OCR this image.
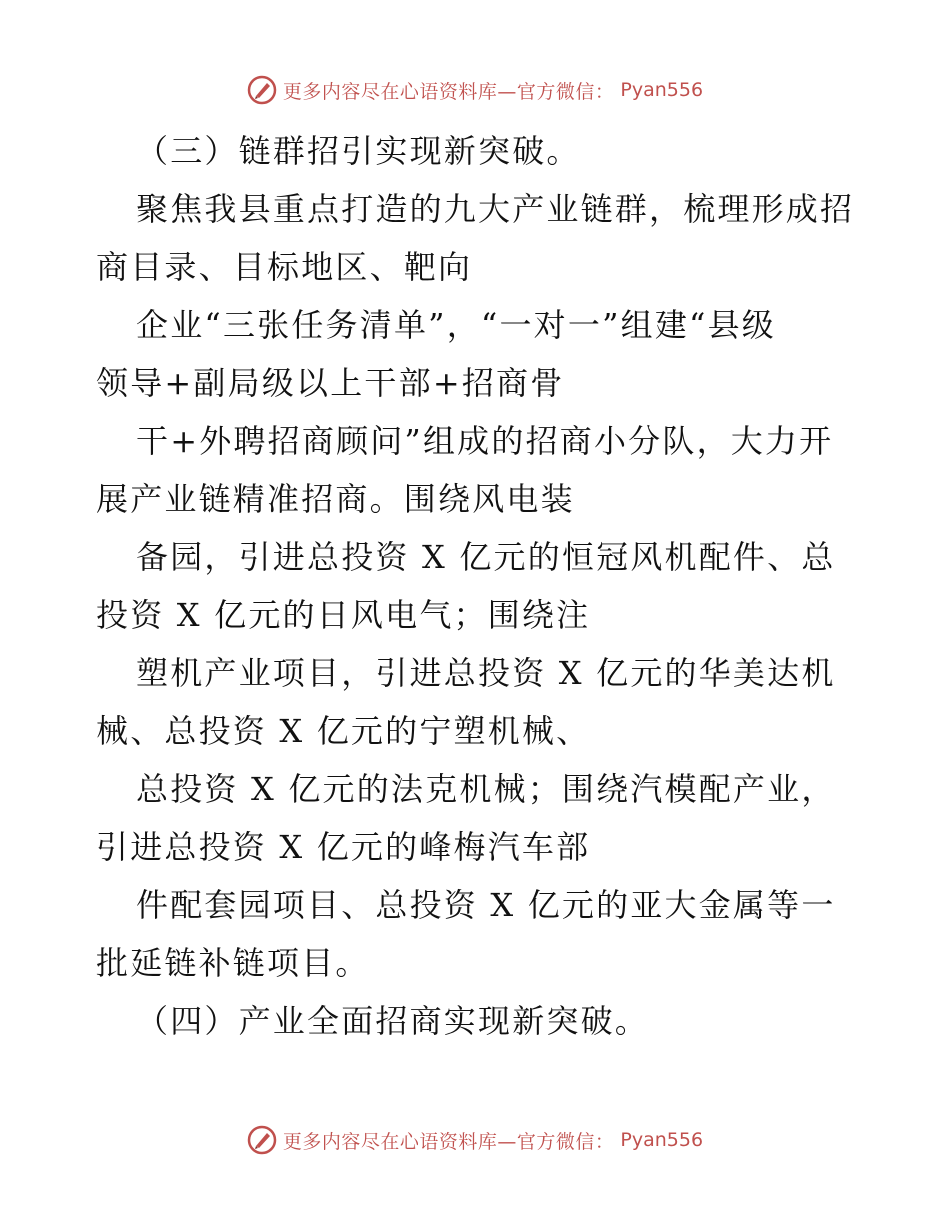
更多内容尽在心语资料库—官方微信： Pyan556
（三）链群招引实现新突破。
聚焦我县重点打造的九大产业链群，梳理形成招
商目录、目标地区、靶向
企业“三张任务清单”，“一对一”组建“县级
领导+副局级以上干部+招商骨
干+外聘招商顾问”组成的招商小分队，大力开
展产业链精准招商。围绕风电装
备园，引进总投资 X 亿元的恒冠风机配件、总
投资 X 亿元的日风电气；围绕注
塑机产业项目，引进总投资 X 亿元的华美达机
械、总投资 X 亿元的宁塑机械、
总投资 X 亿元的法克机械；围绕汽模配产业，
引进总投资 X 亿元的峰梅汽车部
件配套园项目、总投资 X 亿元的亚大金属等一
批延链补链项目。
（四）产业全面招商实现新突破。
更多内容尽在心语资料库—官方微信： Pyan556
